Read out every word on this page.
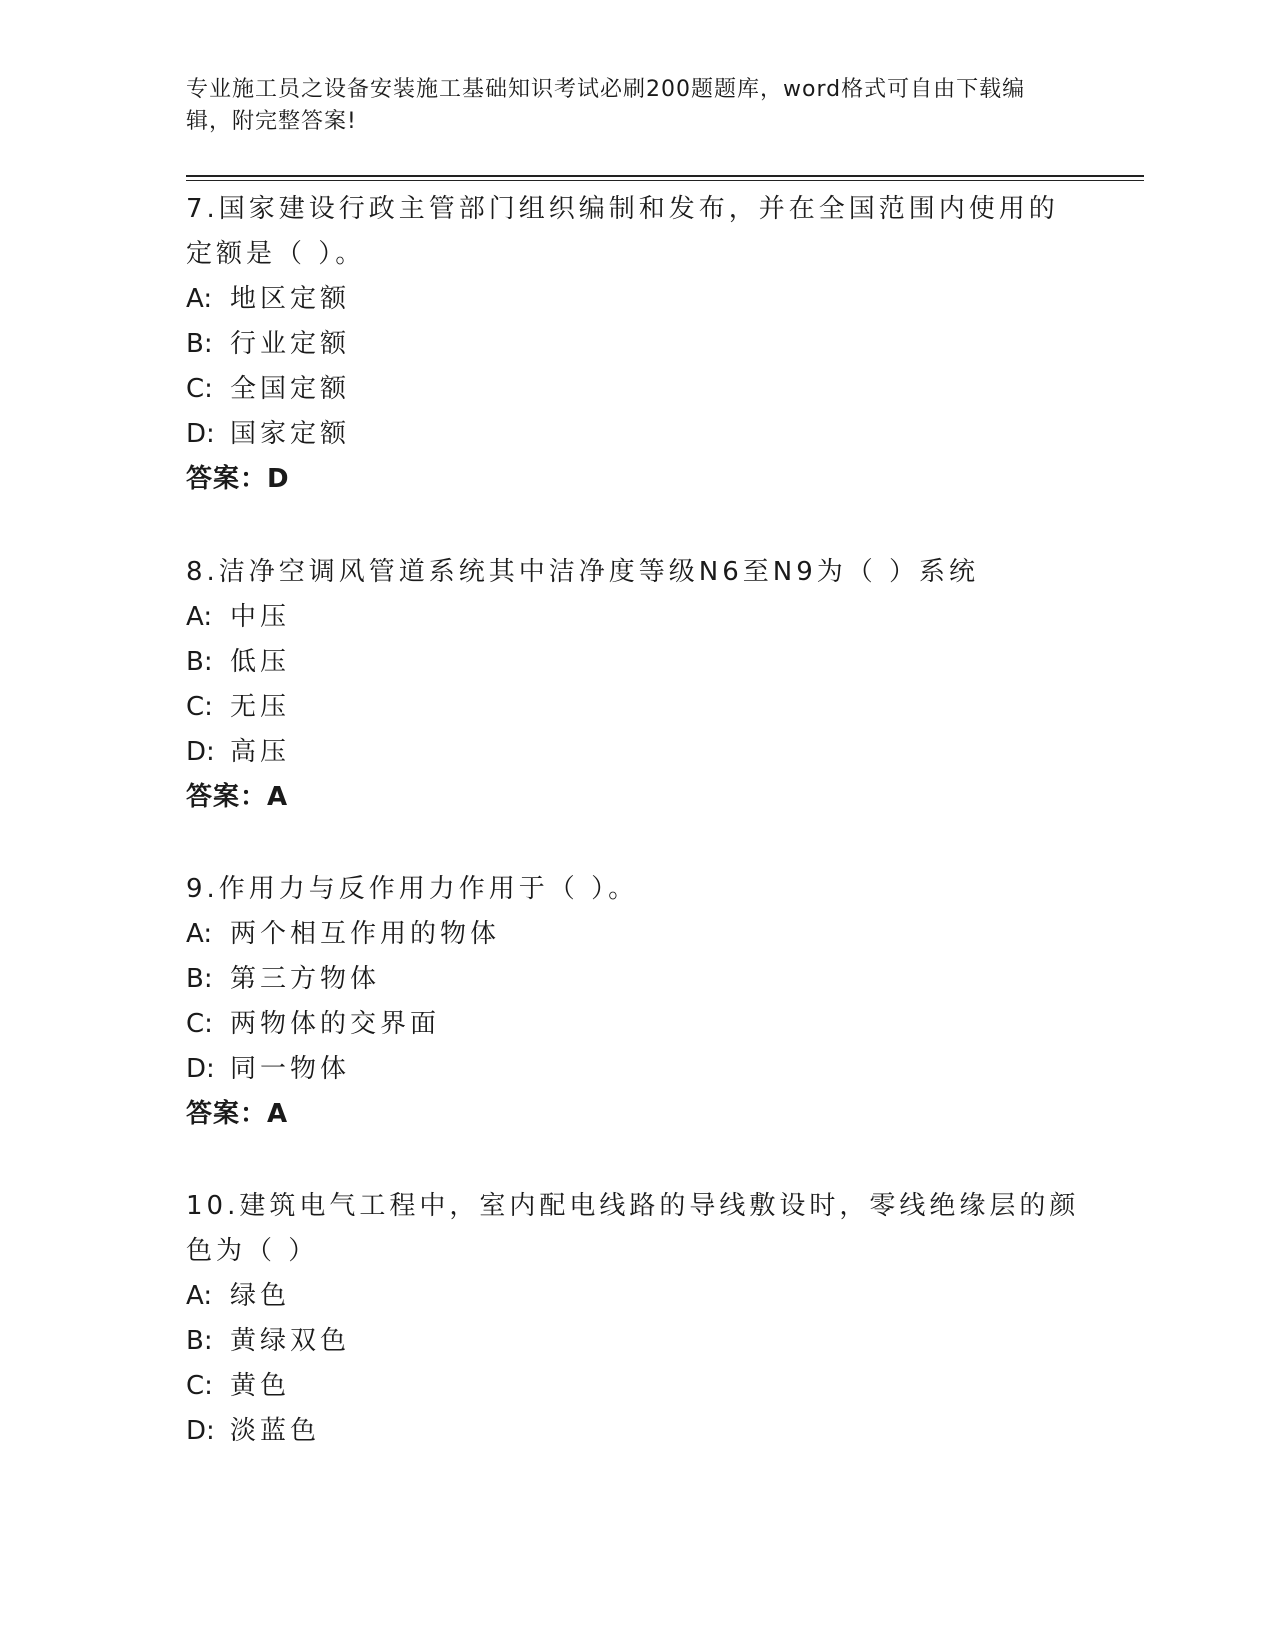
专业施工员之设备安装施工基础知识考试必刷200题题库，word格式可自由下载编辑，附完整答案!

7.国家建设行政主管部门组织编制和发布，并在全国范围内使用的定额是（ ）。

A: 地区定额

B: 行业定额

C: 全国定额

D: 国家定额

答案：D

8.洁净空调风管道系统其中洁净度等级N6至N9为（ ）系统

A: 中压

B: 低压

C: 无压

D: 高压

答案：A

9.作用力与反作用力作用于（ ）。

A: 两个相互作用的物体

B: 第三方物体

C: 两物体的交界面

D: 同一物体

答案：A

10.建筑电气工程中，室内配电线路的导线敷设时，零线绝缘层的颜色为（ ）

A: 绿色

B: 黄绿双色

C: 黄色

D: 淡蓝色
